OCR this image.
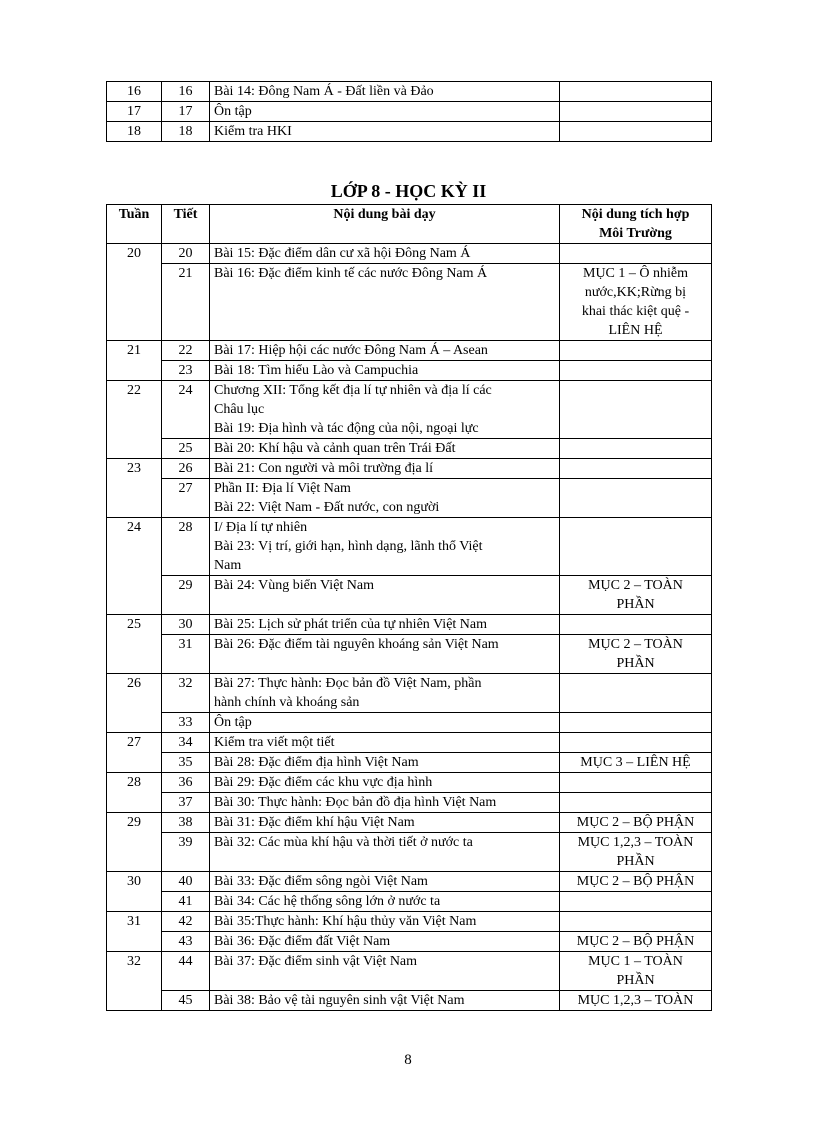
16	16	Bài 14: Đông Nam Á - Đất liền và Đảo	
17	17	Ôn tập	
18	18	Kiểm tra HKI	
LỚP 8 - HỌC KỲ II
Tuần	Tiết	Nội dung bài dạy	Nội dung tích hợp
Môi Trường
20	20	Bài 15: Đặc điểm dân cư xã hội Đông Nam Á	

	21	Bài 16: Đặc điểm kinh tế các nước Đông Nam Á	MỤC 1 – Ô nhiễm
nước,KK;Rừng bị
khai thác kiệt quệ -
LIÊN HỆ

21	22	Bài 17: Hiệp hội các nước Đông Nam Á – Asean	

	23	Bài 18: Tìm hiểu Lào và Campuchia	

22	24	Chương XII: Tổng kết địa lí tự nhiên và địa lí các
Châu lục
Bài 19: Địa hình và tác động của nội, ngoại lực	

	25	Bài 20: Khí hậu và cảnh quan trên Trái Đất	

23	26	Bài 21: Con người và môi trường địa lí	

	27	Phần II: Địa lí Việt Nam
Bài 22: Việt Nam - Đất nước, con người	

24	28	I/ Địa lí tự nhiên
Bài 23: Vị trí, giới hạn, hình dạng, lãnh thổ Việt
Nam	

	29	Bài 24: Vùng biển Việt Nam	MỤC 2 – TOÀN
PHẦN

25	30	Bài 25: Lịch sử phát triển của tự nhiên Việt Nam	

	31	Bài 26: Đặc điểm tài nguyên khoáng sản Việt Nam	MỤC 2 – TOÀN
PHẦN

26	32	Bài 27: Thực hành: Đọc bản đồ Việt Nam, phần
hành chính và khoáng sản	

	33	Ôn tập	

27	34	Kiểm tra viết một tiết	

	35	Bài 28: Đặc điểm địa hình Việt Nam	MỤC 3 – LIÊN HỆ

28	36	Bài 29: Đặc điểm các khu vực địa hình	

	37	Bài 30: Thực hành: Đọc bản đồ địa hình Việt Nam	

29	38	Bài 31: Đặc điểm khí hậu Việt Nam	MỤC 2 – BỘ PHẬN

	39	Bài 32: Các mùa khí hậu và thời tiết ở nước ta	MỤC 1,2,3 – TOÀN
PHẦN

30	40	Bài 33: Đặc điểm sông ngòi Việt Nam	MỤC 2 – BỘ PHẬN

	41	Bài 34: Các hệ thống sông lớn ở nước ta	

31	42	Bài 35:Thực hành: Khí hậu thủy văn Việt Nam	

	43	Bài 36: Đặc điểm đất Việt Nam	MỤC 2 – BỘ PHẬN

32	44	Bài 37: Đặc điểm sinh vật Việt Nam	MỤC 1 – TOÀN
PHẦN

	45	Bài 38: Bảo vệ tài nguyên sinh vật Việt Nam	MỤC 1,2,3 – TOÀN
8
